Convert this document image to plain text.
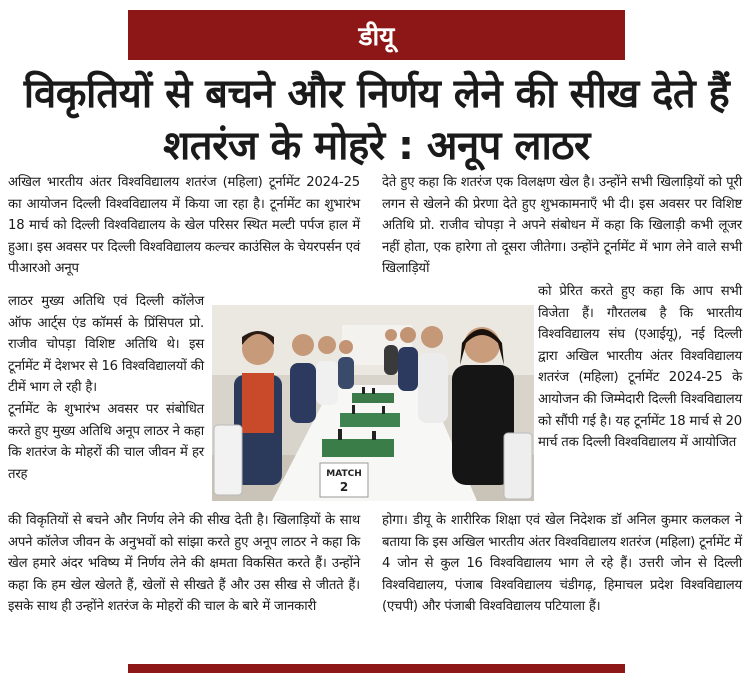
डीयू
विकृतियों से बचने और निर्णय लेने की सीख देते हैं
शतरंज के मोहरे : अनूप लाठर

अखिल भारतीय अंतर विश्वविद्यालय शतरंज (महिला) टूर्नामेंट 2024-25 का आयोजन दिल्ली विश्वविद्यालय में किया जा रहा है। टूर्नामेंट का शुभारंभ 18 मार्च को दिल्ली विश्वविद्यालय के खेल परिसर स्थित मल्टी पर्पज हाल में हुआ। इस अवसर पर दिल्ली विश्वविद्यालय कल्चर काउंसिल के चेयरपर्सन एवं पीआरओ अनूप

लाठर मुख्य अतिथि एवं दिल्ली कॉलेज ऑफ आर्ट्स एंड कॉमर्स के प्रिंसिपल प्रो. राजीव चोपड़ा विशिष्ट अतिथि थे। इस टूर्नामेंट में देशभर से 16 विश्वविद्यालयों की टीमें भाग ले रही है।

टूर्नामेंट के शुभारंभ अवसर पर संबोधित करते हुए मुख्य अतिथि अनूप लाठर ने कहा कि शतरंज के मोहरों की चाल जीवन में हर तरह	MATCH
2

की विकृतियों से बचने और निर्णय लेने की सीख देती है। खिलाड़ियों के साथ अपने कॉलेज जीवन के अनुभवों को सांझा करते हुए अनूप लाठर ने कहा कि खेल हमारे अंदर भविष्य में निर्णय लेने की क्षमता विकसित करते हैं। उन्होंने कहा कि हम खेल खेलते हैं, खेलों से सीखते हैं और उस सीख से जीतते हैं। इसके साथ ही उन्होंने शतरंज के मोहरों की चाल के बारे में जानकारी

देते हुए कहा कि शतरंज एक विलक्षण खेल है। उन्होंने सभी खिलाड़ियों को पूरी लगन से खेलने की प्रेरणा देते हुए शुभकामनाएँ भी दी। इस अवसर पर विशिष्ट अतिथि प्रो. राजीव चोपड़ा ने अपने संबोधन में कहा कि खिलाड़ी कभी लूजर नहीं होता, एक हारेगा तो दूसरा जीतेगा। उन्होंने टूर्नामेंट में भाग लेने वाले सभी खिलाड़ियों

को प्रेरित करते हुए कहा कि आप सभी विजेता हैं। गौरतलब है कि भारतीय विश्वविद्यालय संघ (एआईयू), नई दिल्ली द्वारा अखिल भारतीय अंतर विश्वविद्यालय शतरंज (महिला) टूर्नामेंट 2024-25 के आयोजन की जिम्मेदारी दिल्ली विश्वविद्यालय को सौंपी गई है। यह टूर्नामेंट 18 मार्च से 20 मार्च तक दिल्ली विश्वविद्यालय में आयोजित

होगा। डीयू के शारीरिक शिक्षा एवं खेल निदेशक डॉ अनिल कुमार कलकल ने बताया कि इस अखिल भारतीय अंतर विश्वविद्यालय शतरंज (महिला) टूर्नामेंट में 4 जोन से कुल 16 विश्वविद्यालय भाग ले रहे हैं। उत्तरी जोन से दिल्ली विश्वविद्यालय, पंजाब विश्वविद्यालय चंडीगढ़, हिमाचल प्रदेश विश्वविद्यालय (एचपी) और पंजाबी विश्वविद्यालय पटियाला हैं।
